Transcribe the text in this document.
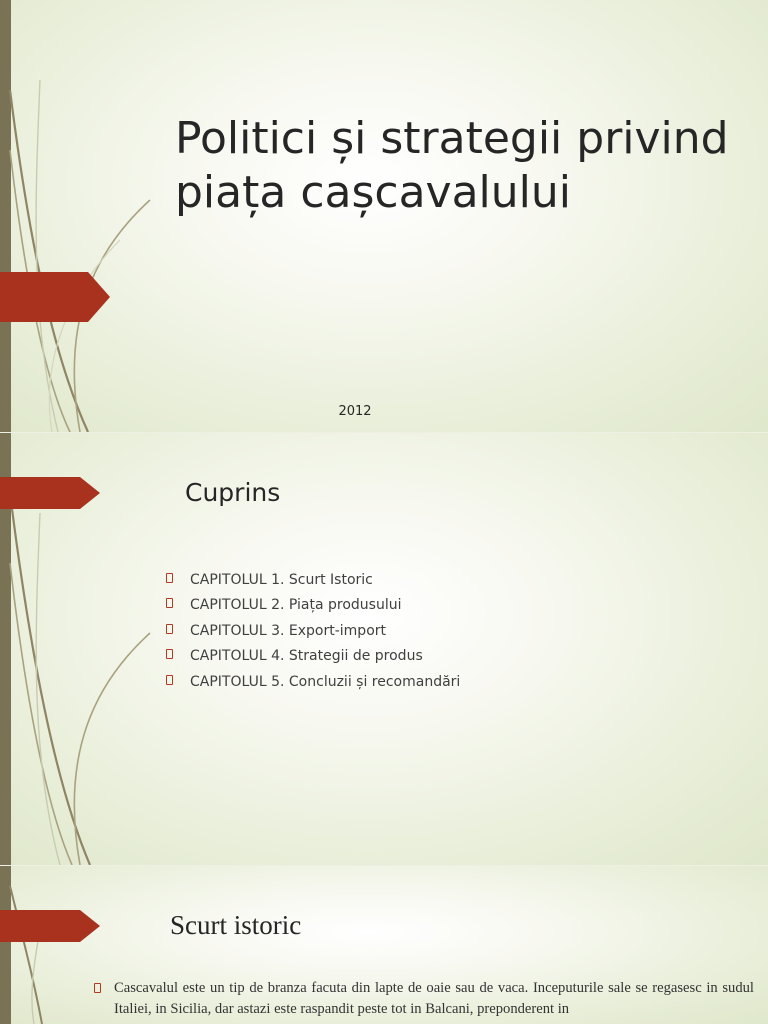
Politici și strategii privind piața cașcavalului
2012
Cuprins
CAPITOLUL 1. Scurt Istoric
CAPITOLUL 2. Piața produsului
CAPITOLUL 3. Export-import
CAPITOLUL 4. Strategii de produs
CAPITOLUL 5. Concluzii și recomandări
Scurt istoric
Cascavalul este un tip de branza facuta din lapte de oaie sau de vaca. Inceputurile sale se regasesc in sudul Italiei, in Sicilia, dar astazi este raspandit peste tot in Balcani, preponderent in
